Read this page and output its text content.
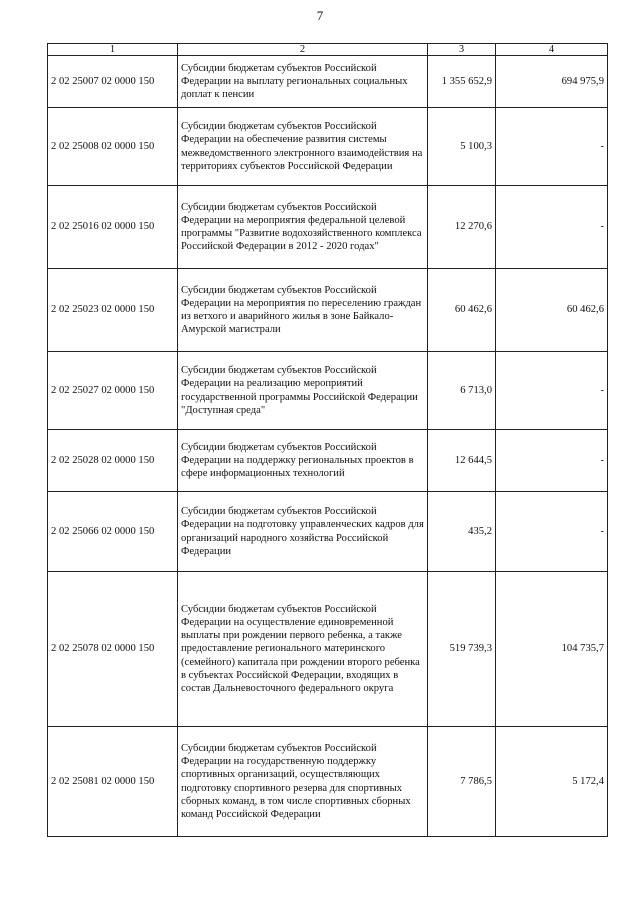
7
1	2	3	4
2 02 25007 02 0000 150	Субсидии бюджетам субъектов Российской Федерации на выплату региональных социальных доплат к пенсии	1 355 652,9	694 975,9
2 02 25008 02 0000 150	Субсидии бюджетам субъектов Российской Федерации на обеспечение развития системы межведомственного электронного взаимодействия на территориях субъектов Российской Федерации	5 100,3	-
2 02 25016 02 0000 150	Субсидии бюджетам субъектов Российской Федерации на мероприятия федеральной целевой программы "Развитие водохозяйственного комплекса Российской Федерации в 2012 - 2020 годах"	12 270,6	-
2 02 25023 02 0000 150	Субсидии бюджетам субъектов Российской Федерации на мероприятия по переселению граждан из ветхого и аварийного жилья в зоне Байкало-Амурской магистрали	60 462,6	60 462,6
2 02 25027 02 0000 150	Субсидии бюджетам субъектов Российской Федерации на реализацию мероприятий государственной программы Российской Федерации "Доступная среда"	6 713,0	-
2 02 25028 02 0000 150	Субсидии бюджетам субъектов Российской Федерации на поддержку региональных проектов в сфере информационных технологий	12 644,5	-
2 02 25066 02 0000 150	Субсидии бюджетам субъектов Российской Федерации на подготовку управленческих кадров для организаций народного хозяйства Российской Федерации	435,2	-
2 02 25078 02 0000 150	Субсидии бюджетам субъектов Российской Федерации на осуществление единовременной выплаты при рождении первого ребенка, а также предоставление регионального материнского (семейного) капитала при рождении второго ребенка в субъектах Российской Федерации, входящих в состав Дальневосточного федерального округа	519 739,3	104 735,7
2 02 25081 02 0000 150	Субсидии бюджетам субъектов Российской Федерации на государственную поддержку спортивных организаций, осуществляющих подготовку спортивного резерва для спортивных сборных команд, в том числе спортивных сборных команд Российской Федерации	7 786,5	5 172,4
